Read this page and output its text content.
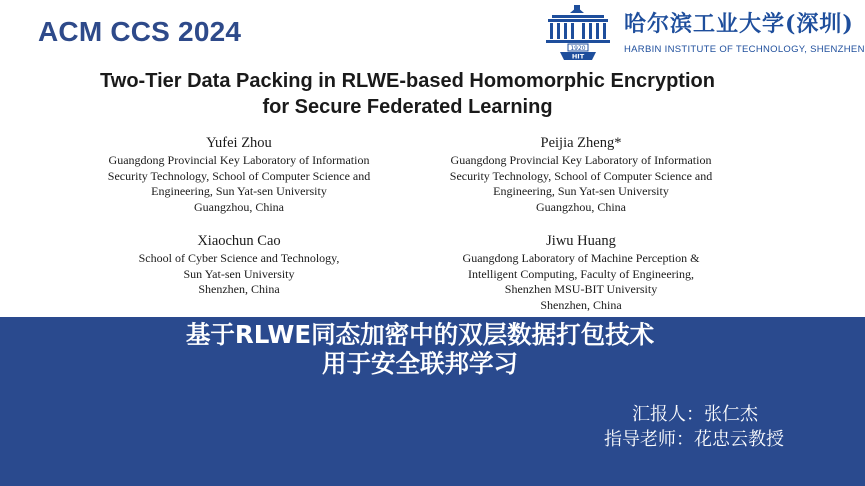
ACM CCS 2024
1920
HIT
哈尔滨工业大学(深圳)
HARBIN INSTITUTE OF TECHNOLOGY, SHENZHEN
Two-Tier Data Packing in RLWE-based Homomorphic Encryption
for Secure Federated Learning
Yufei Zhou
Guangdong Provincial Key Laboratory of Information
Security Technology, School of Computer Science and
Engineering, Sun Yat-sen University
Guangzhou, China
Peijia Zheng*
Guangdong Provincial Key Laboratory of Information
Security Technology, School of Computer Science and
Engineering, Sun Yat-sen University
Guangzhou, China
Xiaochun Cao
School of Cyber Science and Technology,
Sun Yat-sen University
Shenzhen, China
Jiwu Huang
Guangdong Laboratory of Machine Perception &
Intelligent Computing, Faculty of Engineering,
Shenzhen MSU-BIT University
Shenzhen, China
基于RLWE同态加密中的双层数据打包技术
用于安全联邦学习
汇报人：张仁杰
指导老师：花忠云教授
